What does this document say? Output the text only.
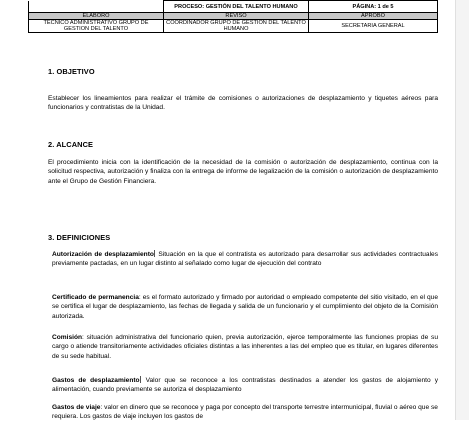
	PROCESO: GESTIÓN DEL TALENTO HUMANO	PÁGINA: 1 de 5
ELABORO	REVISO	APROBO
TECNICO ADMINISTRATIVO GRUPO DE GESTION DEL TALENTO	COORDINADOR GRUPO DE GESTION DEL TALENTO HUMANO	SECRETARIA GENERAL
1. OBJETIVO
Establecer los lineamientos para realizar el trámite de comisiones o autorizaciones de desplazamiento y tiquetes aéreos para funcionarios y contratistas de la Unidad.
2. ALCANCE
El procedimiento inicia con la identificación de la necesidad de la comisión o autorización de desplazamiento, continua con la solicitud respectiva, autorización y finaliza con la entrega de informe de legalización de la comisión o autorización de desplazamiento ante el Grupo de Gestión Financiera.
3. DEFINICIONES
Autorización de desplazamiento Situación en la que el contratista es autorizado para desarrollar sus actividades contractuales previamente pactadas, en un lugar distinto al señalado como lugar de ejecución del contrato
Certificado de permanencia: es el formato autorizado y firmado por autoridad o empleado competente del sitio visitado, en el que se certifica el lugar de desplazamiento, las fechas de llegada y salida de un funcionario y el cumplimiento del objeto de la Comisión autorizada.
Comisión: situación administrativa del funcionario quien, previa autorización, ejerce temporalmente las funciones propias de su cargo o atiende transitoriamente actividades oficiales distintas a las inherentes a las del empleo que es titular, en lugares diferentes de su sede habitual.
Gastos de desplazamiento Valor que se reconoce a los contratistas destinados a atender los gastos de alojamiento y alimentación, cuando previamente se autoriza el desplazamiento
Gastos de viaje: valor en dinero que se reconoce y paga por concepto del transporte terrestre intermunicipal, fluvial o aéreo que se requiera. Los gastos de viaje incluyen los gastos de
